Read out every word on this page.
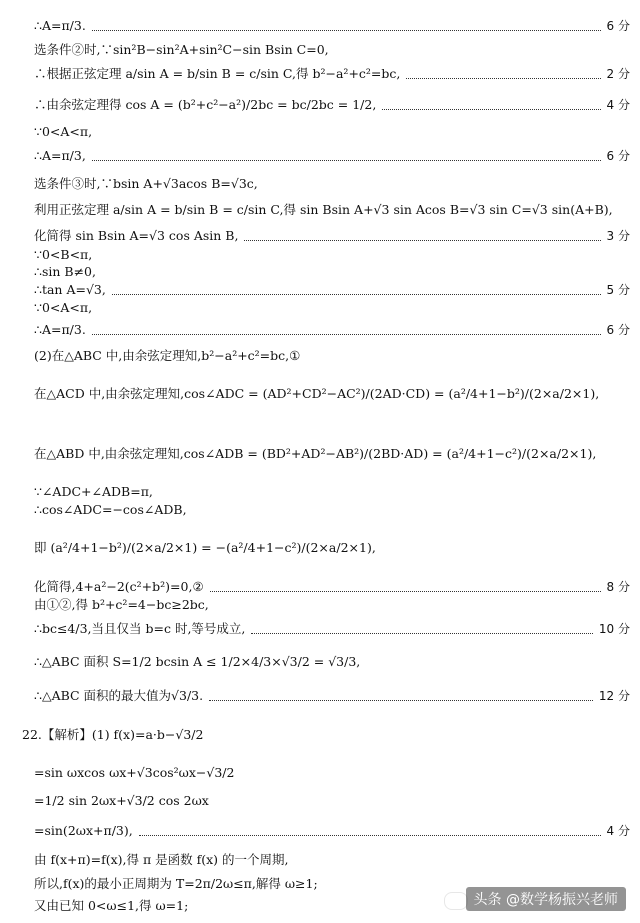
∴A=π/3.	6 分
选条件②时,∵sin²B−sin²A+sin²C−sin Bsin C=0,
∴根据正弦定理 a/sin A = b/sin B = c/sin C,得 b²−a²+c²=bc,	2 分
∴由余弦定理得 cos A = (b²+c²−a²)/2bc = bc/2bc = 1/2,	4 分
∵0<A<π,
∴A=π/3,	6 分
选条件③时,∵bsin A+√3acos B=√3c,
利用正弦定理 a/sin A = b/sin B = c/sin C,得 sin Bsin A+√3 sin Acos B=√3 sin C=√3 sin(A+B),
化简得 sin Bsin A=√3 cos Asin B,	3 分
∵0<B<π,
∴sin B≠0,
∴tan A=√3,	5 分
∵0<A<π,
∴A=π/3.	6 分
(2)在△ABC 中,由余弦定理知,b²−a²+c²=bc,①
在△ACD 中,由余弦定理知,cos∠ADC = (AD²+CD²−AC²)/(2AD·CD) = (a²/4+1−b²)/(2×a/2×1),
在△ABD 中,由余弦定理知,cos∠ADB = (BD²+AD²−AB²)/(2BD·AD) = (a²/4+1−c²)/(2×a/2×1),
∵∠ADC+∠ADB=π,
∴cos∠ADC=−cos∠ADB,
即 (a²/4+1−b²)/(2×a/2×1) = −(a²/4+1−c²)/(2×a/2×1),
化简得,4+a²−2(c²+b²)=0,②	8 分
由①②,得 b²+c²=4−bc≥2bc,
∴bc≤4/3,当且仅当 b=c 时,等号成立,	10 分
∴△ABC 面积 S=1/2 bcsin A ≤ 1/2×4/3×√3/2 = √3/3,
∴△ABC 面积的最大值为√3/3.	12 分
22.【解析】(1) f(x)=a·b−√3/2
=sin ωxcos ωx+√3cos²ωx−√3/2
=1/2 sin 2ωx+√3/2 cos 2ωx
=sin(2ωx+π/3),	4 分
由 f(x+π)=f(x),得 π 是函数 f(x) 的一个周期,
所以,f(x)的最小正周期为 T=2π/2ω≤π,解得 ω≥1;
又由已知 0<ω≤1,得 ω=1;	头条 @数学杨振兴老师
